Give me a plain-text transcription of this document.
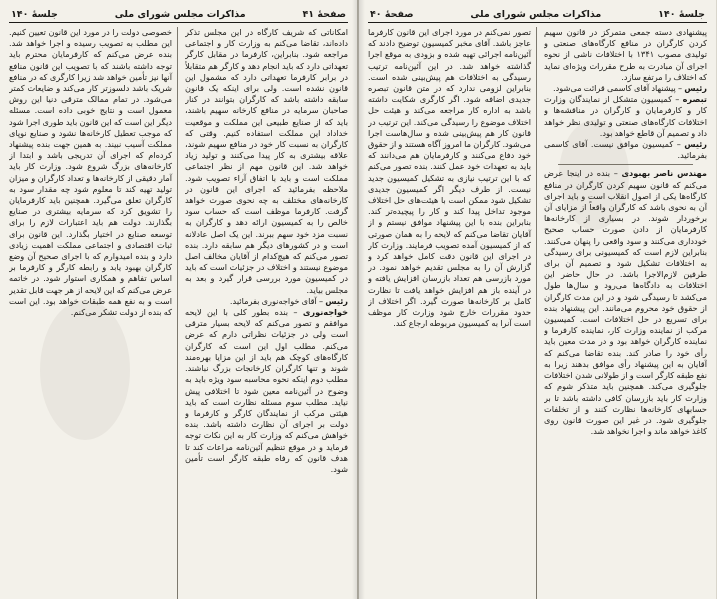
صفحهٔ ۴۱
مذاکرات مجلس شورای ملی
جلسهٔ ۱۴۰

امکاناتی که شریف کارگاه در این مجلس تذکر داده‌اند، تقاضا می‌کنم به وزارت کار و اجتماعی مراجعه شود. بنابراین، کارفرما در مقابل کارگر تعهداتی دارد که باید انجام دهد و کارگر هم متقابلاً در برابر کارفرما تعهداتی دارد که مشمول این قانون نشده است. ولی برای اینکه یک قانون سابقه داشته باشد که کارگران بتوانند در کنار صاحبان سرمایه در منافع کارخانه سهیم باشند، باید که از صنایع طبیعی این مملکت و موقعیت خداداد این مملکت استفاده کنیم. وقتی که کارگران به نسبت کار خود در منافع سهیم شوند، علاقه بیشتری به کار پیدا می‌کنند و تولید زیاد خواهد شد. این قانون مهم از نظر اجتماعی مملکت است و باید با اتفاق آراء تصویب شود. ملاحظه بفرمائید که اجرای این قانون در کارخانه‌های مختلف به چه نحوی صورت خواهد گرفت. کارفرما موظف است که حساب سود خالص را به کمیسیون ارائه دهد و کارگران به نسبت مزد خود سهم ببرند. این یک اصل عادلانه است و در کشورهای دیگر هم سابقه دارد. بنده تصور می‌کنم که هیچ‌کدام از آقایان مخالف اصل موضوع نیستند و اختلاف در جزئیات است که باید در کمیسیون مورد بررسی قرار گیرد و بعد به مجلس بیاید.

رئیس – آقای خواجه‌نوری بفرمائید.

خواجه‌نوری – بنده بطور کلی با این لایحه موافقم و تصور می‌کنم که لایحه بسیار مترقی است ولی در جزئیات نظراتی دارم که عرض می‌کنم. مطلب اول این است که کارگران کارگاه‌های کوچک هم باید از این مزایا بهره‌مند شوند و تنها کارگران کارخانجات بزرگ نباشند. مطلب دوم اینکه نحوه محاسبه سود ویژه باید به وضوح در آئین‌نامه معین شود تا اختلافی پیش نیاید. مطلب سوم مسئله نظارت است که باید هیئتی مرکب از نمایندگان کارگر و کارفرما و دولت بر اجرای آن نظارت داشته باشد. بنده خواهش می‌کنم که وزارت کار به این نکات توجه فرماید و در موقع تنظیم آئین‌نامه مراعات کند تا هدف قانون که رفاه طبقه کارگر است تأمین شود.

خصوصی دولت را در مورد این قانون تعیین کنیم. این مطلب به تصویب رسیده و اجرا خواهد شد. بنده عرض می‌کنم که کارفرمایان محترم باید توجه داشته باشند که با تصویب این قانون منافع آنها نیز تأمین خواهد شد زیرا کارگری که در منافع شریک باشد دلسوزتر کار می‌کند و ضایعات کمتر می‌شود. در تمام ممالک مترقی دنیا این روش معمول است و نتایج خوبی داده است. مسئله دیگر این است که این قانون باید طوری اجرا شود که موجب تعطیل کارخانه‌ها نشود و صنایع نوپای مملکت آسیب نبیند. به همین جهت بنده پیشنهاد کرده‌ام که اجرای آن تدریجی باشد و ابتدا از کارخانه‌های بزرگ شروع شود. وزارت کار باید آمار دقیقی از کارخانه‌ها و تعداد کارگران و میزان تولید تهیه کند تا معلوم شود چه مقدار سود به کارگران تعلق می‌گیرد. همچنین باید کارفرمایان را تشویق کرد که سرمایه بیشتری در صنایع بگذارند. دولت هم باید اعتبارات لازم را برای توسعه صنایع در اختیار بگذارد. این قانون برای ثبات اقتصادی و اجتماعی مملکت اهمیت زیادی دارد و بنده امیدوارم که با اجرای صحیح آن وضع کارگران بهبود یابد و رابطه کارگر و کارفرما بر اساس تفاهم و همکاری استوار شود. در خاتمه عرض می‌کنم که این لایحه از هر جهت قابل تقدیر است و به نفع همه طبقات خواهد بود. این است که بنده از دولت تشکر می‌کنم.

جلسهٔ ۱۴۰
مذاکرات مجلس شورای ملی
صفحهٔ ۴۰

پیشنهادی دسته جمعی متمرکز در قانون سهیم کردن کارگران در منافع کارگاه‌های صنعتی و تولیدی مصوب ۱۳۴۱ با اختلافات ناشی از نحوه اجرای آن مبادرت به طرح مقررات ویژه‌ای نماید که اختلاف را مرتفع سازد.

رئیس – پیشنهاد آقای کاسمی قرائت می‌شود.

تبصره – کمیسیون متشکل از نمایندگان وزارت کار و کارفرمایان و کارگران در مناقشه‌ها و اختلافات کارگاه‌های صنعتی و تولیدی نظر خواهد داد و تصمیم آن قاطع خواهد بود.

رئیس – کمیسیون موافق نیست. آقای کاسمی بفرمائید.

مهندس ناصر بهبودی – بنده در اینجا عرض می‌کنم که قانون سهیم کردن کارگران در منافع کارگاه‌ها یکی از اصول انقلاب است و باید اجرای آن به نحوی باشد که کارگران واقعاً از مزایای آن برخوردار شوند. در بسیاری از کارخانه‌ها کارفرمایان از دادن صورت حساب صحیح خودداری می‌کنند و سود واقعی را پنهان می‌کنند. بنابراین لازم است که کمیسیونی برای رسیدگی به اختلافات تشکیل شود و تصمیم آن برای طرفین لازم‌الاجرا باشد. در حال حاضر این اختلافات به دادگاه‌ها می‌رود و سال‌ها طول می‌کشد تا رسیدگی شود و در این مدت کارگران از حقوق خود محروم می‌مانند. این پیشنهاد بنده برای تسریع در حل اختلافات است. کمیسیون مرکب از نماینده وزارت کار، نماینده کارفرما و نماینده کارگران خواهد بود و در مدت معین باید رأی خود را صادر کند. بنده تقاضا می‌کنم که آقایان به این پیشنهاد رأی موافق بدهند زیرا به نفع طبقه کارگر است و از طولانی شدن اختلافات جلوگیری می‌کند. همچنین باید متذکر شوم که وزارت کار باید بازرسان کافی داشته باشد تا بر حسابهای کارخانه‌ها نظارت کنند و از تخلفات جلوگیری شود. در غیر این صورت قانون روی کاغذ خواهد ماند و اجرا نخواهد شد.

تصور نمی‌کنم در مورد اجرای این قانون کارفرما عاجز باشد. آقای مخبر کمیسیون توضیح دادند که آئین‌نامه اجرائی تهیه شده و بزودی به موقع اجرا گذاشته خواهد شد. در این آئین‌نامه ترتیب رسیدگی به اختلافات هم پیش‌بینی شده است. بنابراین لزومی ندارد که در متن قانون تبصره جدیدی اضافه شود. اگر کارگری شکایت داشته باشد به اداره کار مراجعه می‌کند و هیئت حل اختلاف موضوع را رسیدگی می‌کند. این ترتیب در قانون کار هم پیش‌بینی شده و سال‌هاست اجرا می‌شود. کارگران ما امروز آگاه هستند و از حقوق خود دفاع می‌کنند و کارفرمایان هم می‌دانند که باید به تعهدات خود عمل کنند. بنده تصور می‌کنم که با این ترتیب نیازی به تشکیل کمیسیون جدید نیست. از طرف دیگر اگر کمیسیون جدیدی تشکیل شود ممکن است با هیئت‌های حل اختلاف موجود تداخل پیدا کند و کار را پیچیده‌تر کند. بنابراین بنده با این پیشنهاد موافق نیستم و از آقایان تقاضا می‌کنم که لایحه را به همان صورتی که از کمیسیون آمده تصویب فرمایند. وزارت کار در اجرای این قانون دقت کامل خواهد کرد و گزارش آن را به مجلس تقدیم خواهد نمود. در مورد بازرسی هم تعداد بازرسان افزایش یافته و در آینده باز هم افزایش خواهد یافت تا نظارت کامل بر کارخانه‌ها صورت گیرد. اگر اختلاف از حدود مقررات خارج شود وزارت کار موظف است آنرا به کمیسیون مربوطه ارجاع کند.
